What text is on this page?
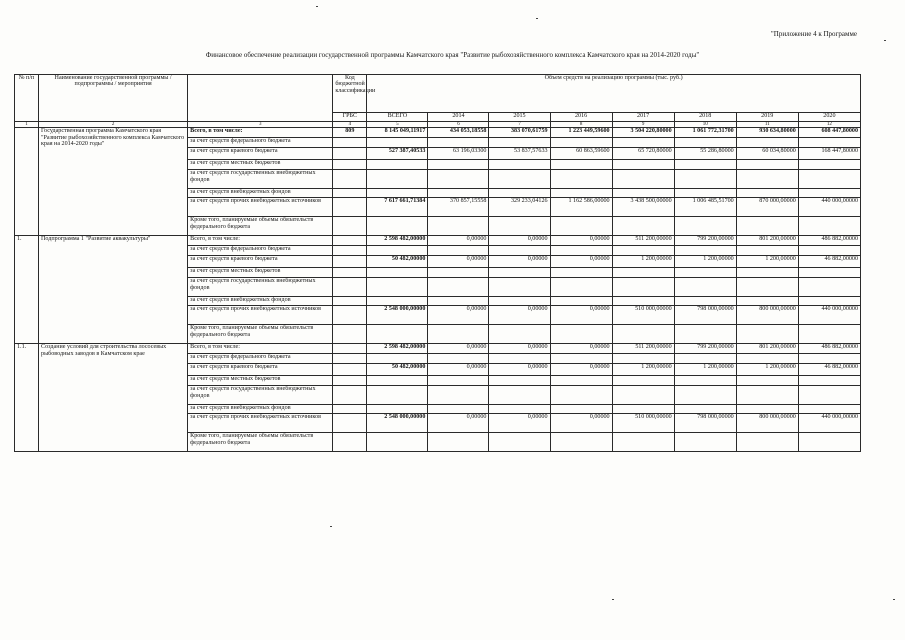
"Приложение 4 к Программе
Финансовое обеспечение реализации государственной программы Камчатского края "Развитие рыбохозяйственного комплекса Камчатского края на 2014-2020 годы"
№ п/п	Наименование государственной программы / подпрограммы / мероприятия		Код бюджетной классификации	Объем средств на реализацию программы (тыс. руб.)							
			ГРБС	ВСЕГО	2014	2015	2016	2017	2018	2019	2020
1	2	3	4	5	6	7	8	9	10	11	12
	Государственная программа Камчатского края "Развитие рыбохозяйственного комплекса Камчатского края на 2014-2020 годы"	Всего, в том числе:	809	8 145 049,11917	434 053,18558	383 070,61759	1 223 449,59600	3 504 220,80000	1 061 772,31700	930 634,80000	608 447,80000
		за счет средств федерального бюджета									
		за счет средств краевого бюджета		527 387,40533	63 196,03300	53 837,57633	60 863,59600	65 720,80000	55 286,80000	60 034,80000	168 447,80000
		за счет средств местных бюджетов									
		за счет средств государственных внебюджетных фондов									
		за счет средств внебюджетных фондов									
		за счет средств прочих внебюджетных источников		7 617 661,71384	370 857,15558	329 233,04126	1 162 586,00000	3 438 500,00000	1 006 485,51700	870 000,00000	440 000,00000
		Кроме того, планируемые объемы обязательств федерального бюджета									
1.	Подпрограмма 1 "Развитие аквакультуры"	Всего, в том числе:		2 598 482,00000	0,00000	0,00000	0,00000	511 200,00000	799 200,00000	801 200,00000	486 882,00000
		за счет средств федерального бюджета									
		за счет средств краевого бюджета		50 482,00000	0,00000	0,00000	0,00000	1 200,00000	1 200,00000	1 200,00000	46 882,00000
		за счет средств местных бюджетов									
		за счет средств государственных внебюджетных фондов									
		за счет средств внебюджетных фондов									
		за счет средств прочих внебюджетных источников		2 548 000,00000	0,00000	0,00000	0,00000	510 000,00000	798 000,00000	800 000,00000	440 000,00000
		Кроме того, планируемые объемы обязательств федерального бюджета									
1.1.	Создание условий для строительства лососевых рыбоводных заводов в Камчатском крае	Всего, в том числе:		2 598 482,00000	0,00000	0,00000	0,00000	511 200,00000	799 200,00000	801 200,00000	486 882,00000
		за счет средств федерального бюджета									
		за счет средств краевого бюджета		50 482,00000	0,00000	0,00000	0,00000	1 200,00000	1 200,00000	1 200,00000	46 882,00000
		за счет средств местных бюджетов									
		за счет средств государственных внебюджетных фондов									
		за счет средств внебюджетных фондов									
		за счет средств прочих внебюджетных источников		2 548 000,00000	0,00000	0,00000	0,00000	510 000,00000	798 000,00000	800 000,00000	440 000,00000
		Кроме того, планируемые объемы обязательств федерального бюджета									
